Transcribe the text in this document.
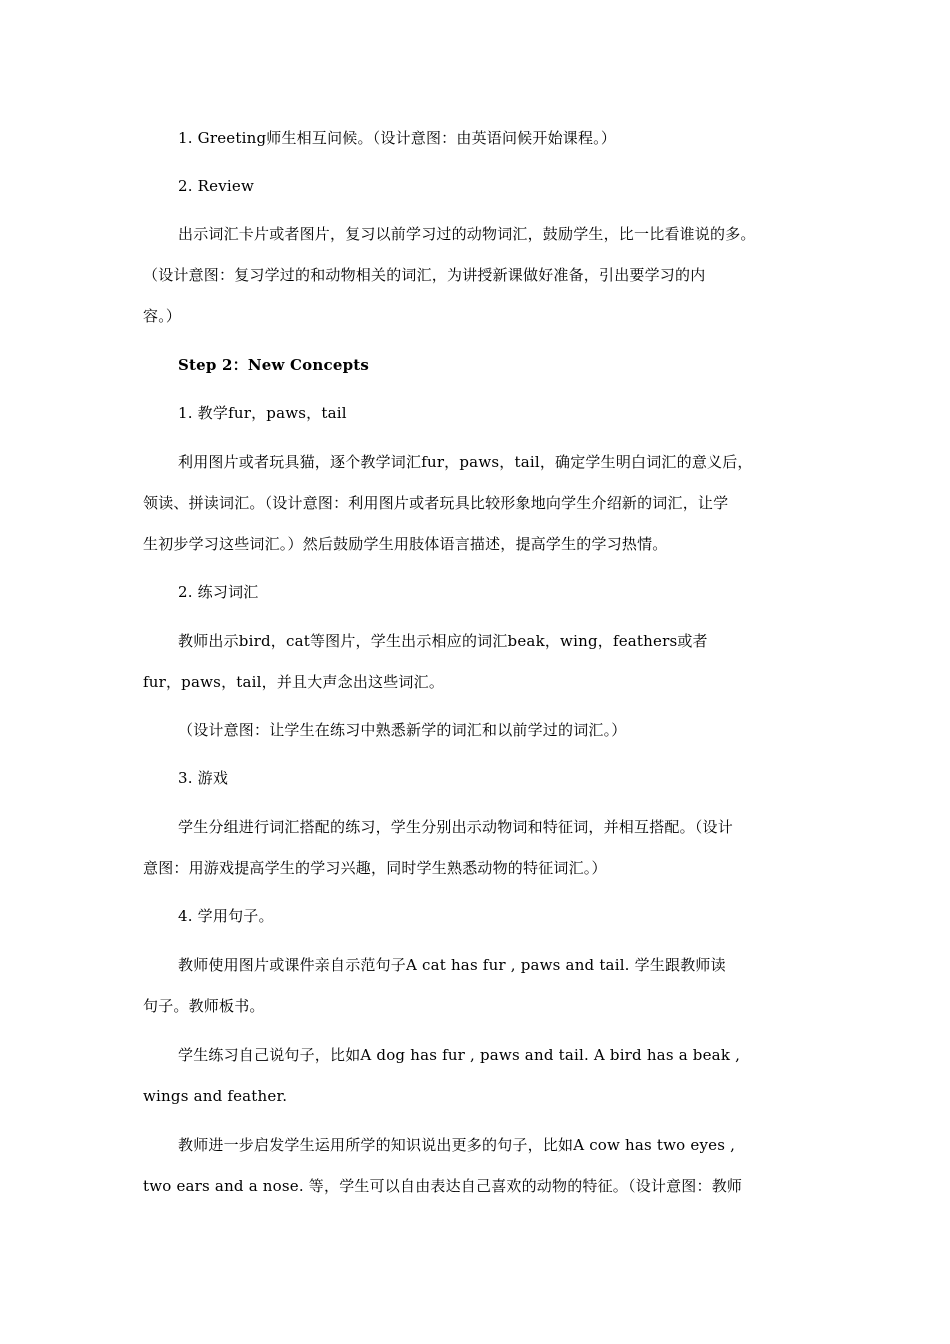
1. Greeting师生相互问候。（设计意图：由英语问候开始课程。）
2. Review
出示词汇卡片或者图片，复习以前学习过的动物词汇，鼓励学生，比一比看谁说的多。
（设计意图：复习学过的和动物相关的词汇，为讲授新课做好准备，引出要学习的内
容。）
Step 2：New Concepts
1. 教学fur，paws，tail
利用图片或者玩具猫，逐个教学词汇fur，paws，tail，确定学生明白词汇的意义后，
领读、拼读词汇。（设计意图：利用图片或者玩具比较形象地向学生介绍新的词汇，让学
生初步学习这些词汇。）然后鼓励学生用肢体语言描述，提高学生的学习热情。
2. 练习词汇
教师出示bird，cat等图片，学生出示相应的词汇beak，wing，feathers或者
fur，paws，tail，并且大声念出这些词汇。
（设计意图：让学生在练习中熟悉新学的词汇和以前学过的词汇。）
3. 游戏
学生分组进行词汇搭配的练习，学生分别出示动物词和特征词，并相互搭配。（设计
意图：用游戏提高学生的学习兴趣，同时学生熟悉动物的特征词汇。）
4. 学用句子。
教师使用图片或课件亲自示范句子A cat has fur , paws and tail. 学生跟教师读
句子。教师板书。
学生练习自己说句子，比如A dog has fur , paws and tail. A bird has a beak ,
wings and feather.
教师进一步启发学生运用所学的知识说出更多的句子，比如A cow has two eyes ,
two ears and a nose. 等，学生可以自由表达自己喜欢的动物的特征。（设计意图：教师
